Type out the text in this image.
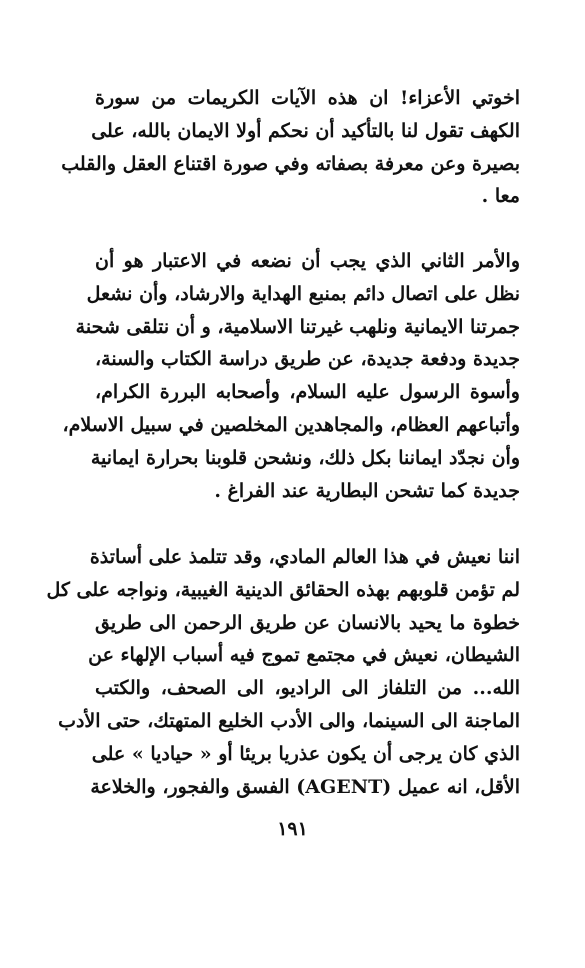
اخوتي الأعزاء! ان هذه الآيات الكريمات من سورة
الكهف تقول لنا بالتأكيد أن نحكم أولا الايمان بالله، على
بصيرة وعن معرفة بصفاته وفي صورة اقتناع العقل والقلب
معا .
والأمر الثاني الذي يجب أن نضعه في الاعتبار هو أن
نظل على اتصال دائم بمنبع الهداية والارشاد، وأن نشعل
جمرتنا الايمانية ونلهب غيرتنا الاسلامية، و أن نتلقى شحنة
جديدة ودفعة جديدة، عن طريق دراسة الكتاب والسنة،
وأسوة الرسول عليه السلام، وأصحابه البررة الكرام،
وأتباعهم العظام، والمجاهدين المخلصين في سبيل الاسلام،
وأن نجدّد ايماننا بكل ذلك، ونشحن قلوبنا بحرارة ايمانية
جديدة كما تشحن البطارية عند الفراغ .
اننا نعيش في هذا العالم المادي، وقد تتلمذ على أساتذة
لم تؤمن قلوبهم بهذه الحقائق الدينية الغيبية، ونواجه على كل
خطوة ما يحيد بالانسان عن طريق الرحمن الى طريق
الشيطان، نعيش في مجتمع تموج فيه أسباب الإلهاء عن
الله... من التلفاز الى الراديو، الى الصحف، والكتب
الماجنة الى السينما، والى الأدب الخليع المتهتك، حتى الأدب
الذي كان يرجى أن يكون عذريا بريئا أو « حياديا » على
الأقل، انه عميل (AGENT) الفسق والفجور، والخلاعة
١٩١
